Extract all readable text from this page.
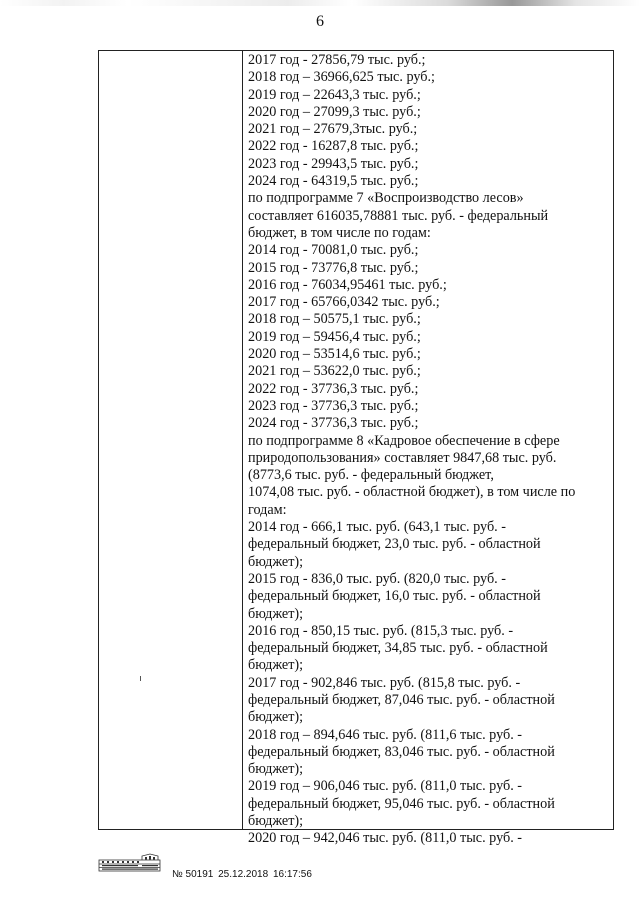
6
2017 год - 27856,79 тыс. руб.;
2018 год – 36966,625 тыс. руб.;
2019 год – 22643,3 тыс. руб.;
2020 год – 27099,3 тыс. руб.;
2021 год – 27679,3тыс. руб.;
2022 год - 16287,8 тыс. руб.;
2023 год - 29943,5 тыс. руб.;
2024 год - 64319,5 тыс. руб.;
по подпрограмме 7 «Воспроизводство лесов»
составляет 616035,78881 тыс. руб. - федеральный
бюджет, в том числе по годам:
2014 год - 70081,0 тыс. руб.;
2015 год - 73776,8 тыс. руб.;
2016 год - 76034,95461 тыс. руб.;
2017 год - 65766,0342 тыс. руб.;
2018 год – 50575,1 тыс. руб.;
2019 год – 59456,4 тыс. руб.;
2020 год – 53514,6 тыс. руб.;
2021 год – 53622,0 тыс. руб.;
2022 год - 37736,3 тыс. руб.;
2023 год - 37736,3 тыс. руб.;
2024 год - 37736,3 тыс. руб.;
по подпрограмме 8 «Кадровое обеспечение в сфере
природопользования» составляет 9847,68 тыс. руб.
(8773,6 тыс. руб. - федеральный бюджет,
1074,08 тыс. руб. - областной бюджет), в том числе по
годам:
2014 год - 666,1 тыс. руб. (643,1 тыс. руб. -
федеральный бюджет, 23,0 тыс. руб. - областной
бюджет);
2015 год - 836,0 тыс. руб. (820,0 тыс. руб. -
федеральный бюджет, 16,0 тыс. руб. - областной
бюджет);
2016 год - 850,15 тыс. руб. (815,3 тыс. руб. -
федеральный бюджет, 34,85 тыс. руб. - областной
бюджет);
2017 год - 902,846 тыс. руб. (815,8 тыс. руб. -
федеральный бюджет, 87,046 тыс. руб. - областной
бюджет);
2018 год – 894,646 тыс. руб. (811,6 тыс. руб. -
федеральный бюджет, 83,046 тыс. руб. - областной
бюджет);
2019 год – 906,046 тыс. руб. (811,0 тыс. руб. -
федеральный бюджет, 95,046 тыс. руб. - областной
бюджет);
2020 год – 942,046 тыс. руб. (811,0 тыс. руб. -
№ 50191 25.12.2018 16:17:56
